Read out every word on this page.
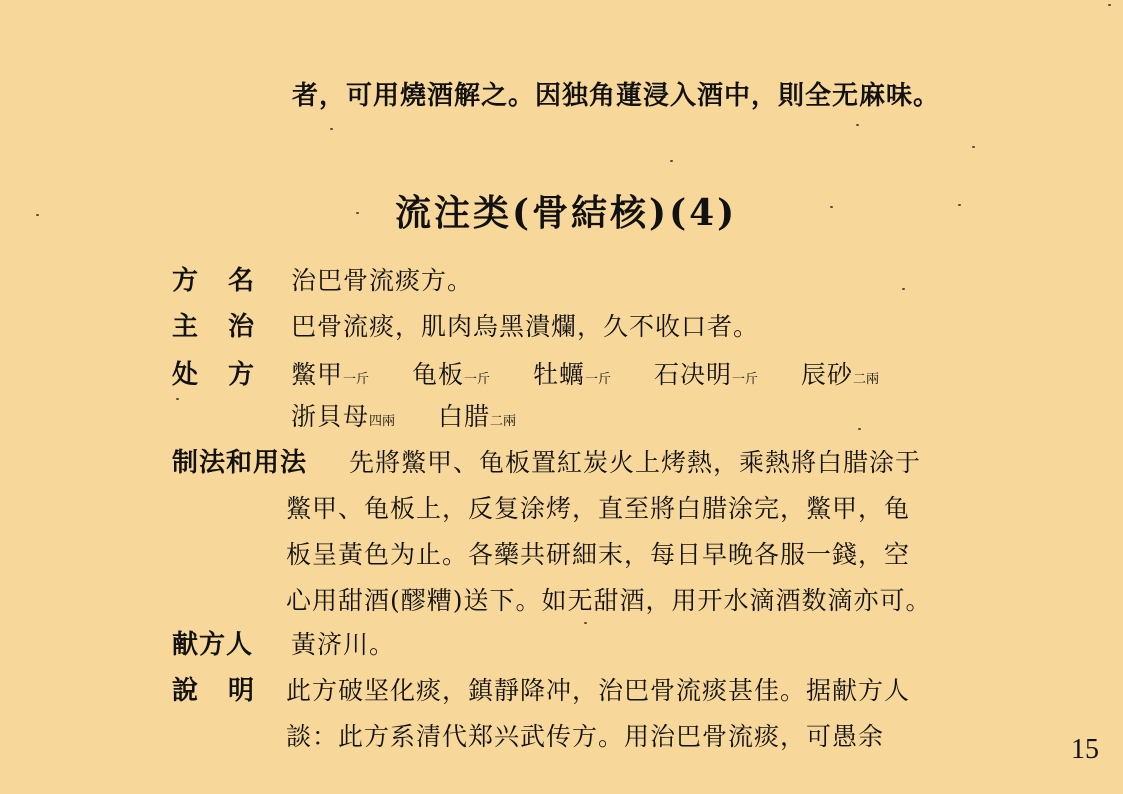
者，可用燒酒解之。因独角蓮浸入酒中，則全无麻味。
流注类(骨結核)(4)
方名 治巴骨流痰方。
主治 巴骨流痰，肌肉烏黑潰爛，久不收口者。
处方 鱉甲一斤 龟板一斤 牡蠣一斤 石决明一斤 辰砂二兩
浙貝母四兩 白腊二兩
制法和用法 先將鱉甲、龟板置紅炭火上烤熱，乘熱將白腊涂于
鱉甲、龟板上，反复涂烤，直至將白腊涂完，鱉甲，龟
板呈黃色为止。各藥共研細末，每日早晚各服一錢，空
心用甜酒(醪糟)送下。如无甜酒，用开水滴酒数滴亦可。
献方人 黃济川。
說明 此方破坚化痰，鎮靜降冲，治巴骨流痰甚佳。据献方人
談：此方系清代郑兴武传方。用治巴骨流痰，可愚余	15
